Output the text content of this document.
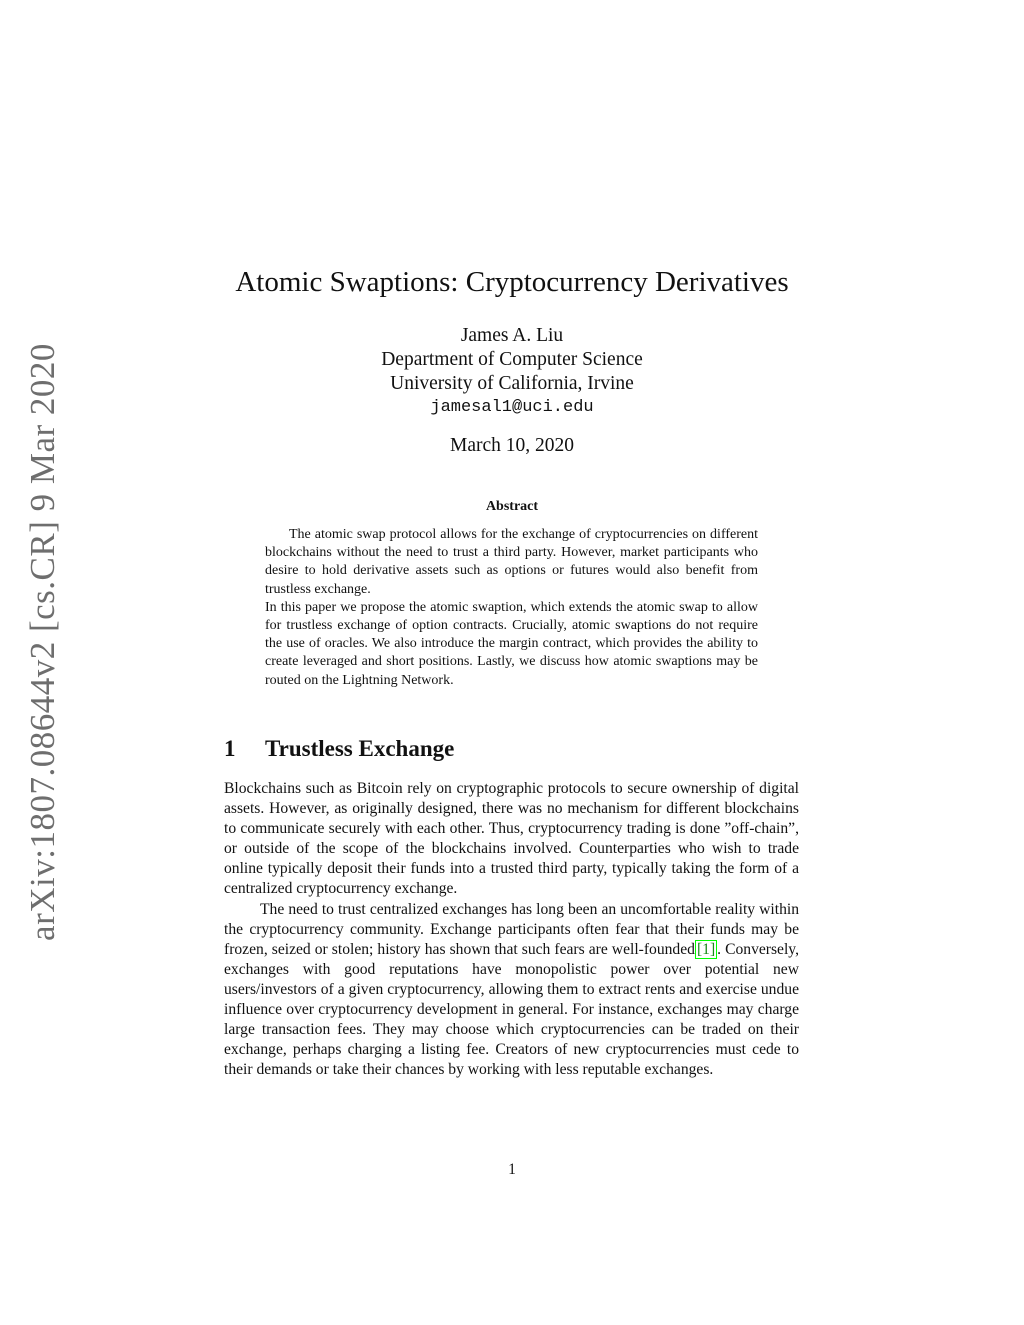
arXiv:1807.08644v2 [cs.CR] 9 Mar 2020
Atomic Swaptions: Cryptocurrency Derivatives
James A. Liu
Department of Computer Science
University of California, Irvine
jamesal1@uci.edu
March 10, 2020
Abstract

The atomic swap protocol allows for the exchange of cryptocurrencies on different blockchains without the need to trust a third party. However, market participants who desire to hold derivative assets such as options or futures would also benefit from trustless exchange.

In this paper we propose the atomic swaption, which extends the atomic swap to allow for trustless exchange of option contracts. Crucially, atomic swaptions do not require the use of oracles. We also introduce the margin contract, which provides the ability to create leveraged and short positions. Lastly, we discuss how atomic swaptions may be routed on the Lightning Network.

1 Trustless Exchange

Blockchains such as Bitcoin rely on cryptographic protocols to secure ownership of digital assets. However, as originally designed, there was no mechanism for different blockchains to communicate securely with each other. Thus, cryptocurrency trading is done ”off-chain”, or outside of the scope of the blockchains involved. Counterparties who wish to trade online typically deposit their funds into a trusted third party, typically taking the form of a centralized cryptocurrency exchange.

The need to trust centralized exchanges has long been an uncomfortable reality within the cryptocurrency community. Exchange participants often fear that their funds may be frozen, seized or stolen; history has shown that such fears are well-founded [1] . Conversely, exchanges with good reputations have monopolistic power over potential new users/investors of a given cryptocurrency, allowing them to extract rents and exercise undue influence over cryptocurrency development in general. For instance, exchanges may charge large transaction fees. They may choose which cryptocurrencies can be traded on their exchange, perhaps charging a listing fee. Creators of new cryptocurrencies must cede to their demands or take their chances by working with less reputable exchanges.

1
